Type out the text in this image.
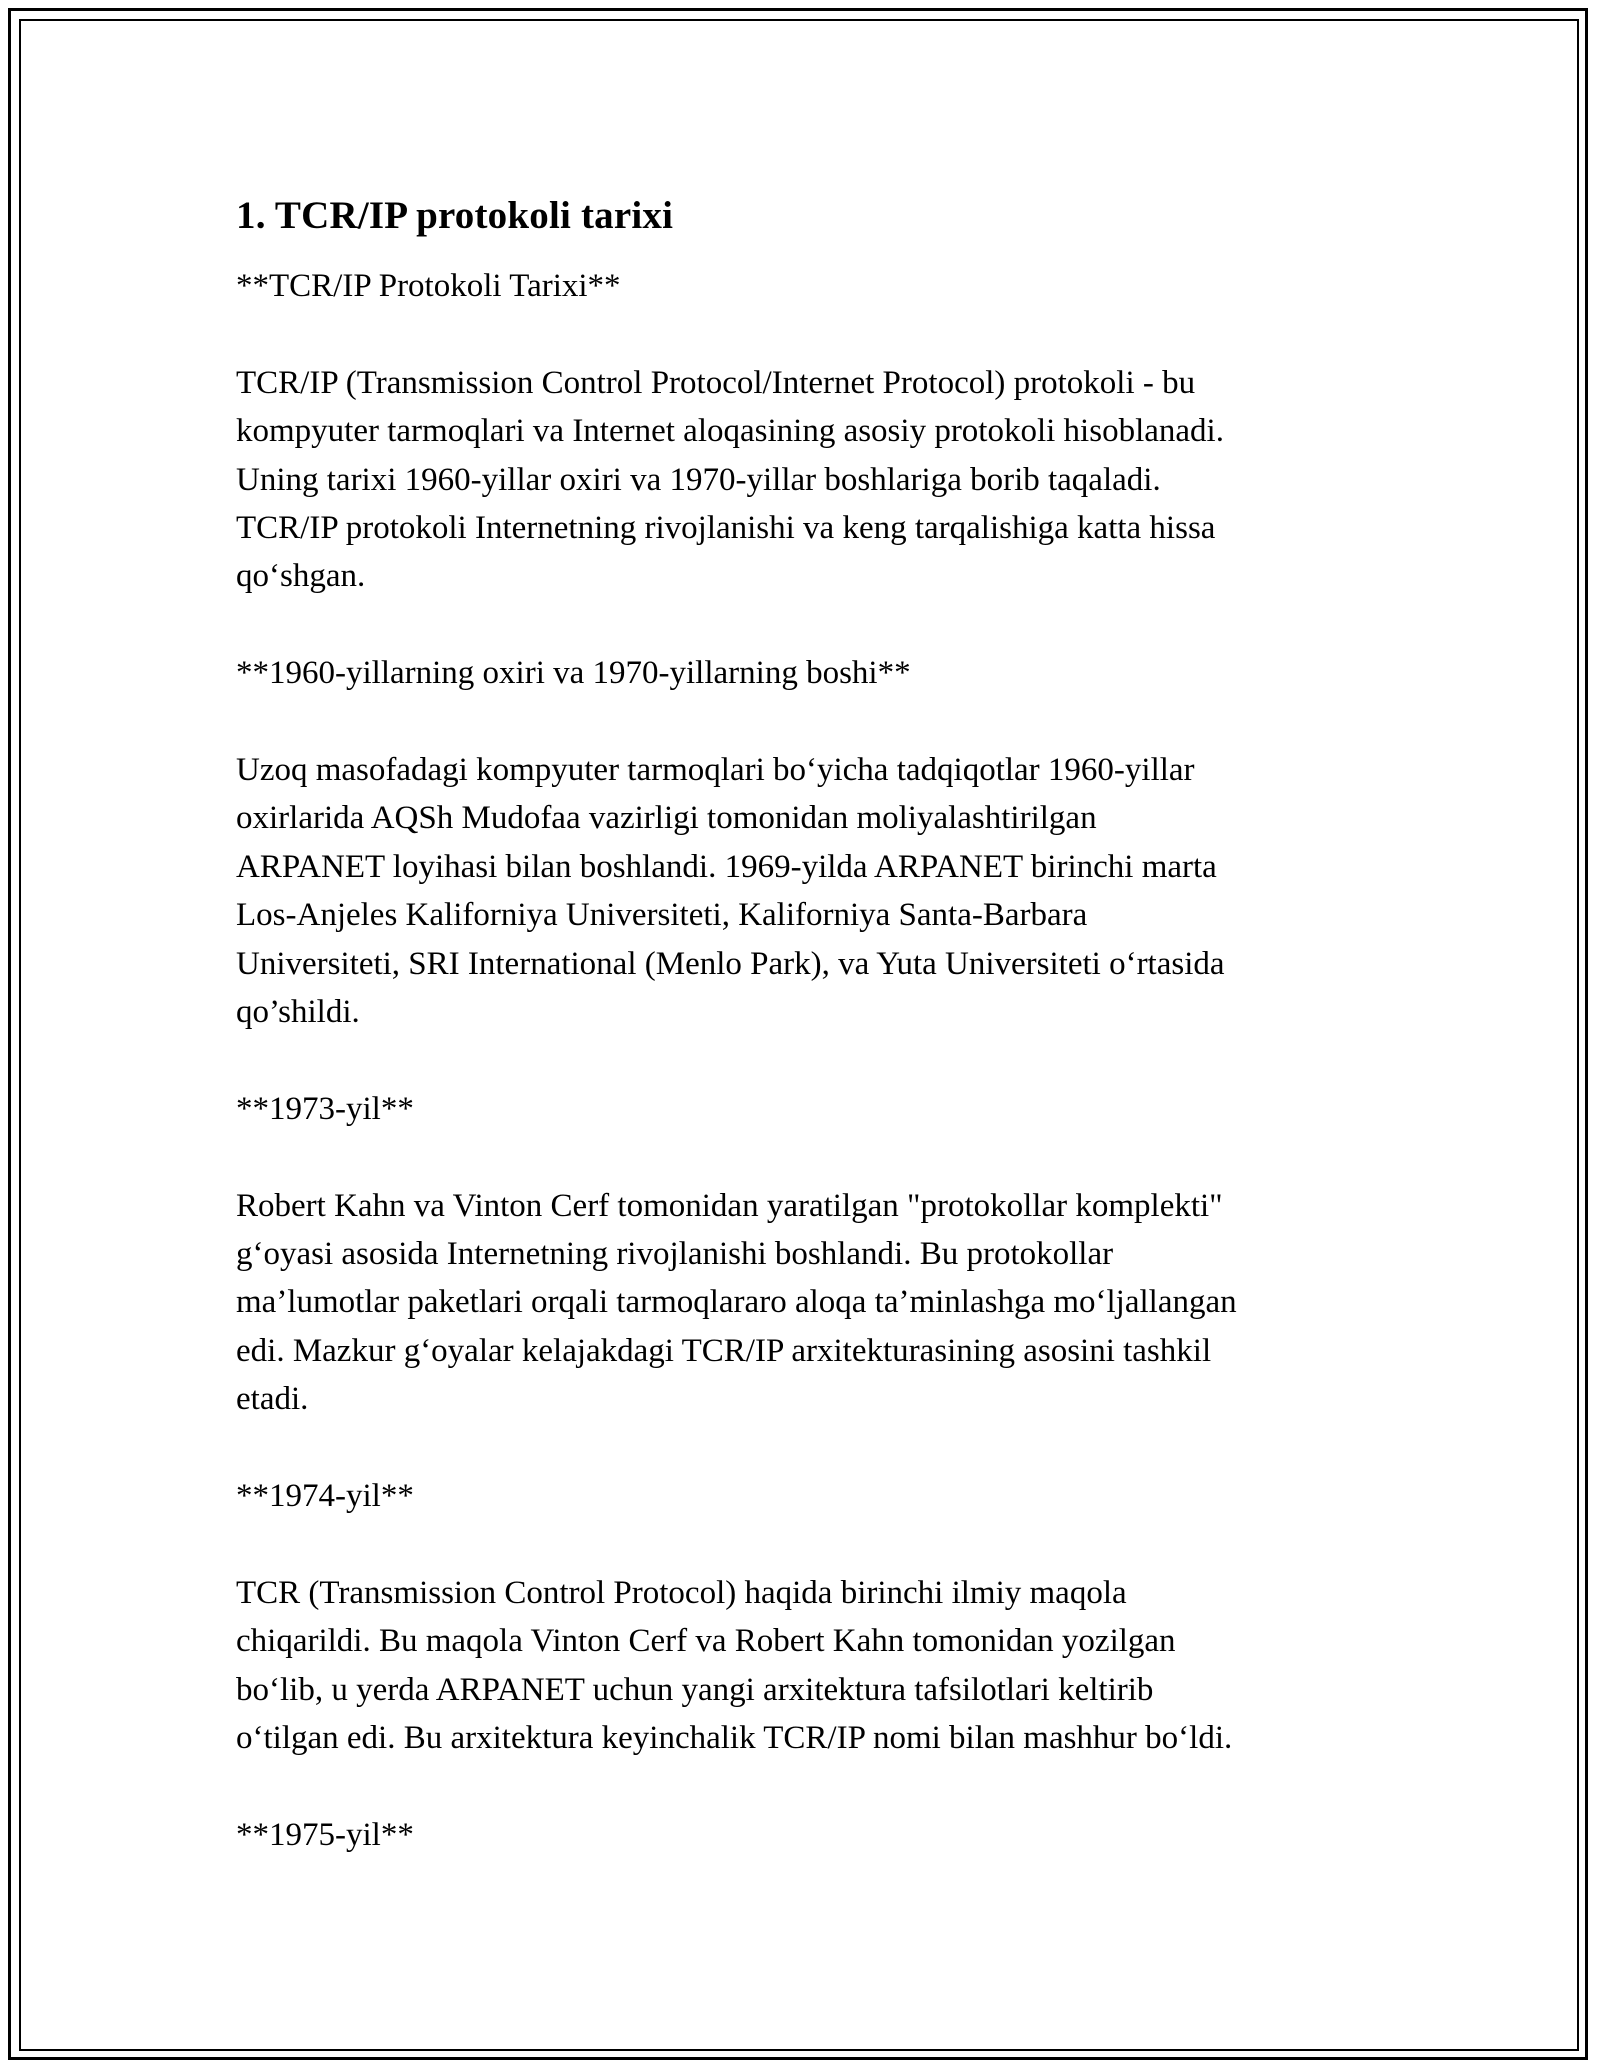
1. TCR/IP protokoli tarixi

**TCR/IP Protokoli Tarixi**

TCR/IP (Transmission Control Protocol/Internet Protocol) protokoli - bu
kompyuter tarmoqlari va Internet aloqasining asosiy protokoli hisoblanadi.
Uning tarixi 1960-yillar oxiri va 1970-yillar boshlariga borib taqaladi.
TCR/IP protokoli Internetning rivojlanishi va keng tarqalishiga katta hissa
qo‘shgan.

**1960-yillarning oxiri va 1970-yillarning boshi**

Uzoq masofadagi kompyuter tarmoqlari bo‘yicha tadqiqotlar 1960-yillar
oxirlarida AQSh Mudofaa vazirligi tomonidan moliyalashtirilgan
ARPANET loyihasi bilan boshlandi. 1969-yilda ARPANET birinchi marta
Los-Anjeles Kaliforniya Universiteti, Kaliforniya Santa-Barbara
Universiteti, SRI International (Menlo Park), va Yuta Universiteti o‘rtasida
qo’shildi.

**1973-yil**

Robert Kahn va Vinton Cerf tomonidan yaratilgan "protokollar komplekti"
g‘oyasi asosida Internetning rivojlanishi boshlandi. Bu protokollar
ma’lumotlar paketlari orqali tarmoqlararo aloqa ta’minlashga mo‘ljallangan
edi. Mazkur g‘oyalar kelajakdagi TCR/IP arxitekturasining asosini tashkil
etadi.

**1974-yil**

TCR (Transmission Control Protocol) haqida birinchi ilmiy maqola
chiqarildi. Bu maqola Vinton Cerf va Robert Kahn tomonidan yozilgan
bo‘lib, u yerda ARPANET uchun yangi arxitektura tafsilotlari keltirib
o‘tilgan edi. Bu arxitektura keyinchalik TCR/IP nomi bilan mashhur bo‘ldi.

**1975-yil**
